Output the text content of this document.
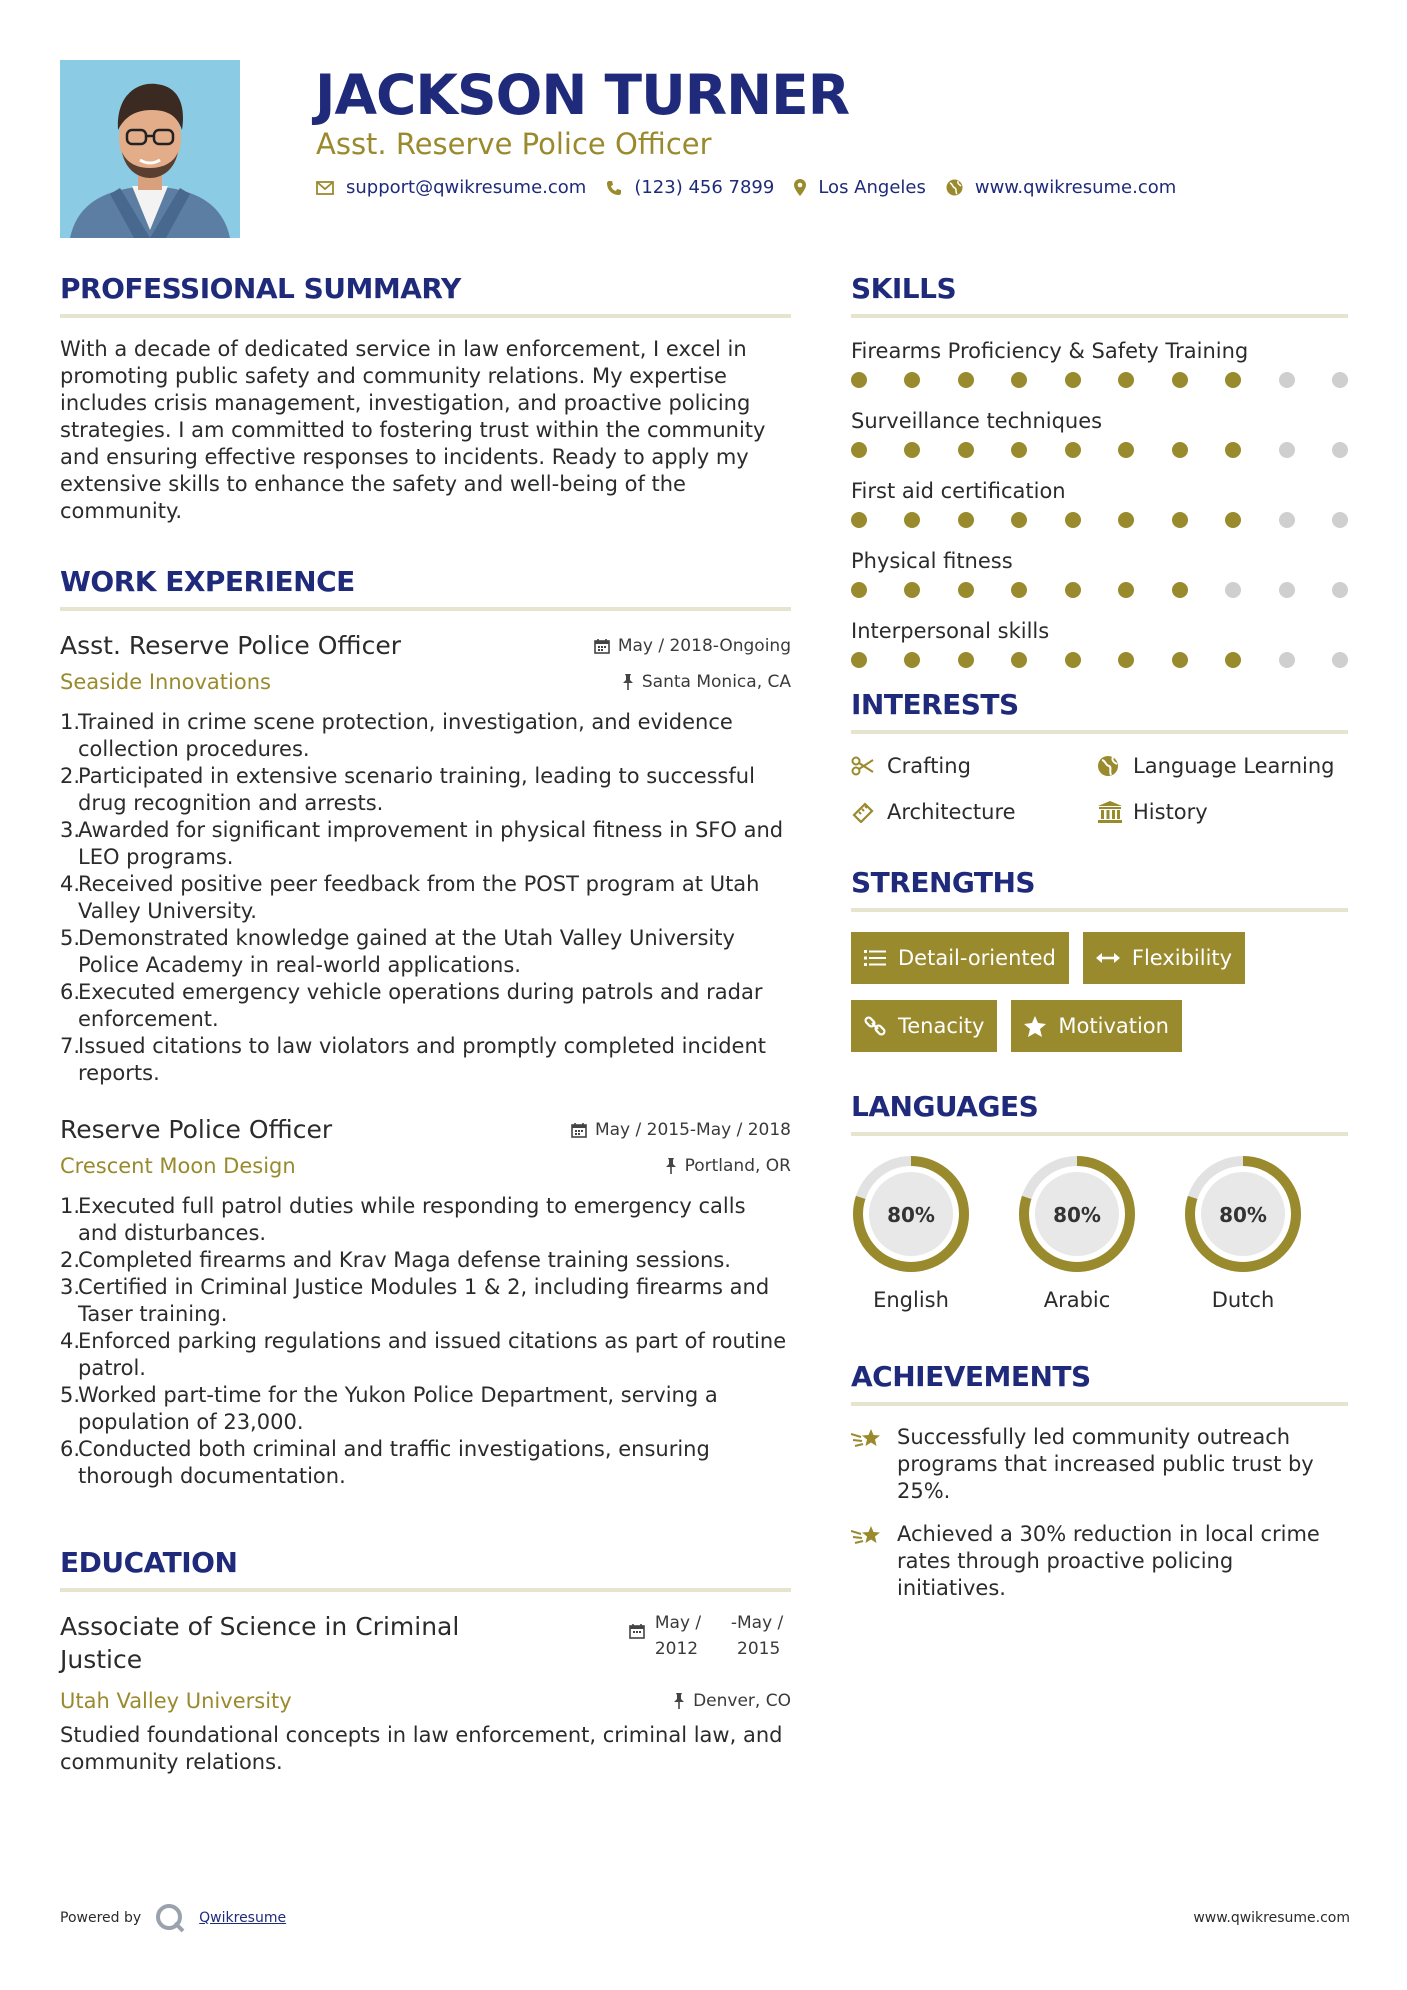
JACKSON TURNER
Asst. Reserve Police Officer
support@qwikresume.com	(123) 456 7899 Los Angeles	www.qwikresume.com
PROFESSIONAL SUMMARY

With a decade of dedicated service in law enforcement, I excel in promoting public safety and community relations. My expertise includes crisis management, investigation, and proactive policing strategies. I am committed to fostering trust within the community and ensuring effective responses to incidents. Ready to apply my extensive skills to enhance the safety and well-being of the community.

WORK EXPERIENCE
Asst. Reserve Police Officer	May / 2018-Ongoing
Seaside Innovations	Santa Monica, CA
1.
Trained in crime scene protection, investigation, and evidence collection procedures.
2.
Participated in extensive scenario training, leading to successful drug recognition and arrests.
3.
Awarded for significant improvement in physical fitness in SFO and LEO programs.
4.
Received positive peer feedback from the POST program at Utah Valley University.
5.
Demonstrated knowledge gained at the Utah Valley University Police Academy in real-world applications.
6.
Executed emergency vehicle operations during patrols and radar enforcement.
7.
Issued citations to law violators and promptly completed incident reports.
Reserve Police Officer	May / 2015-May / 2018
Crescent Moon Design	Portland, OR
1.
Executed full patrol duties while responding to emergency calls and disturbances.
2.
Completed firearms and Krav Maga defense training sessions.
3.
Certified in Criminal Justice Modules 1 & 2, including firearms and Taser training.
4.
Enforced parking regulations and issued citations as part of routine patrol.
5.
Worked part-time for the Yukon Police Department, serving a population of 23,000.
6.
Conducted both criminal and traffic investigations, ensuring thorough documentation.
EDUCATION
Associate of Science in Criminal Justice
May /
2012
- May /
2015
Utah Valley University	Denver, CO

Studied foundational concepts in law enforcement, criminal law, and community relations.

SKILLS
Firearms Proficiency & Safety Training
Surveillance techniques
First aid certification
Physical fitness
Interpersonal skills
INTERESTS
Crafting	Language Learning
Architecture	History
STRENGTHS
Detail-oriented	Flexibility
Tenacity	Motivation
LANGUAGES
80%
English
80%
Arabic
80%
Dutch
ACHIEVEMENTS
Successfully led community outreach programs that increased public trust by 25%.
Achieved a 30% reduction in local crime rates through proactive policing initiatives.
Powered by	Qwikresume	www.qwikresume.com
